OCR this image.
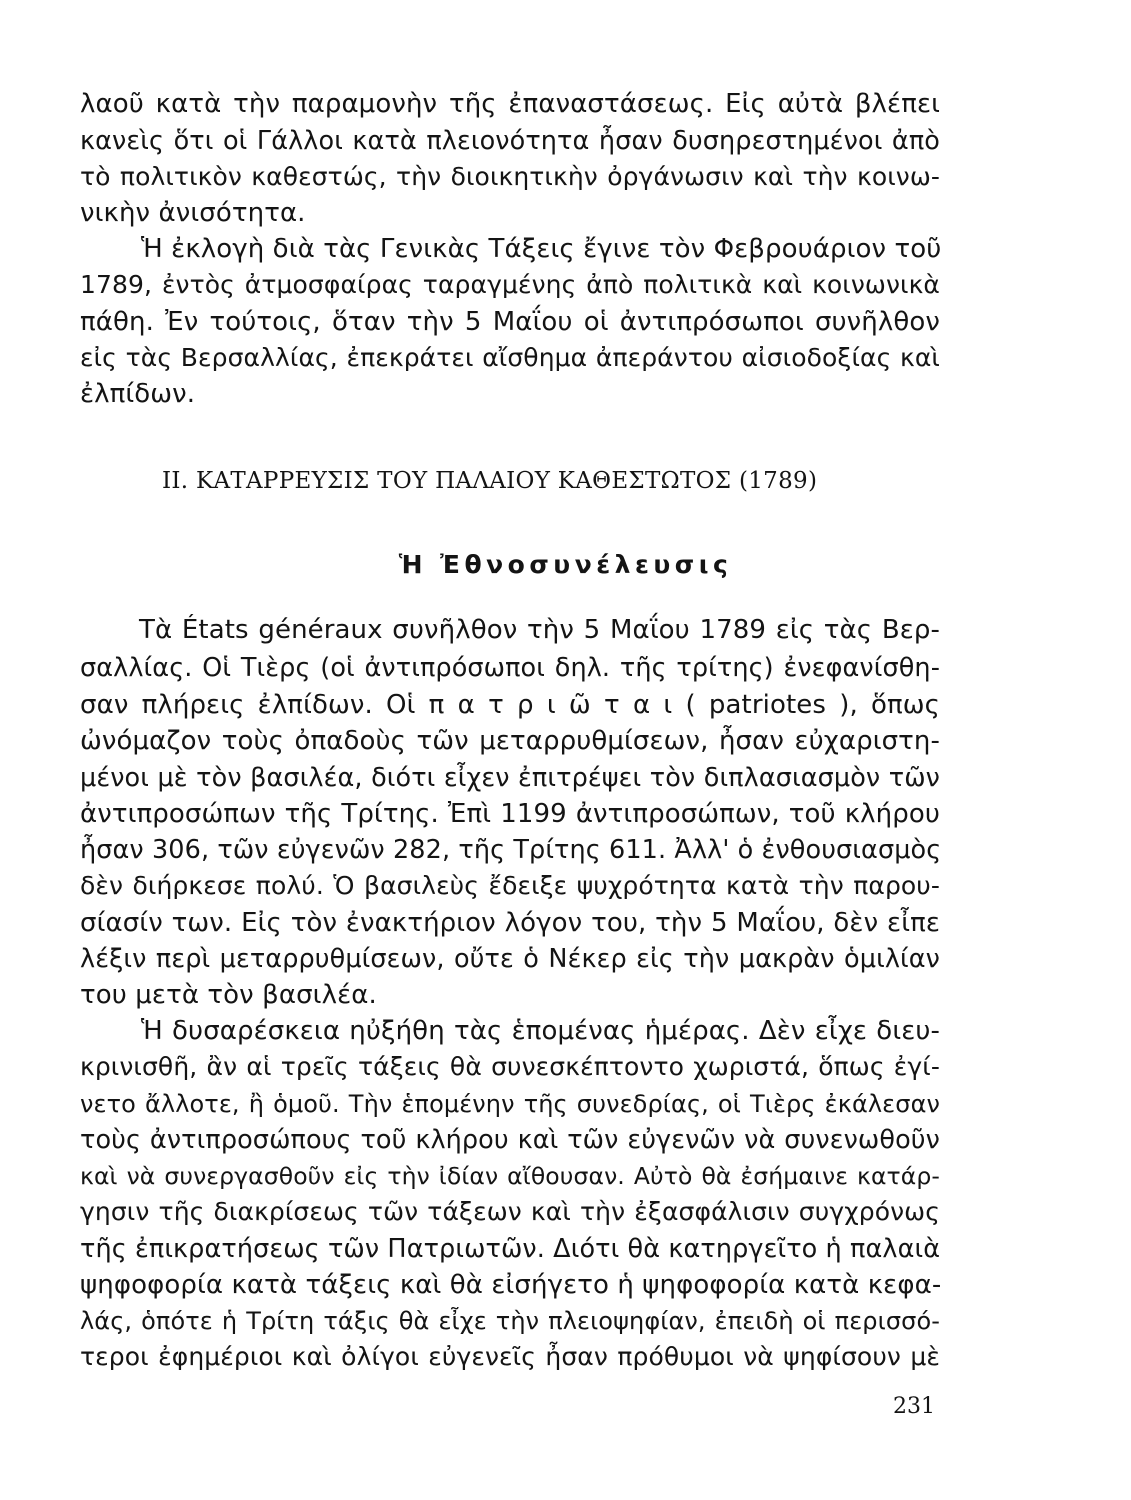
λαοῦ κατὰ τὴν παραμονὴν τῆς ἐπαναστάσεως. Εἰς αὐτὰ βλέπει
κανεὶς ὅτι οἱ Γάλλοι κατὰ πλειονότητα ἦσαν δυσηρεστημένοι ἀπὸ
τὸ πολιτικὸν καθεστώς, τὴν διοικητικὴν ὀργάνωσιν καὶ τὴν κοινω-
νικὴν ἀνισότητα.
Ἡ ἐκλογὴ διὰ τὰς Γενικὰς Τάξεις ἔγινε τὸν Φεβρουάριον τοῦ
1789, ἐντὸς ἀτμοσφαίρας ταραγμένης ἀπὸ πολιτικὰ καὶ κοινωνικὰ
πάθη. Ἐν τούτοις, ὅταν τὴν 5 Μαΐου οἱ ἀντιπρόσωποι συνῆλθον
εἰς τὰς Βερσαλλίας, ἐπεκράτει αἴσθημα ἀπεράντου αἰσιοδοξίας καὶ
ἐλπίδων.
II. ΚΑΤΑΡΡΕΥΣΙΣ ΤΟΥ ΠΑΛΑΙΟΥ ΚΑΘΕΣΤΩΤΟΣ (1789)
Ἡ Ἐθνοσυνέλευσις
Τὰ États généraux συνῆλθον τὴν 5 Μαΐου 1789 εἰς τὰς Βερ-
σαλλίας. Οἱ Τιὲρς (οἱ ἀντιπρόσωποι δηλ. τῆς τρίτης) ἐνεφανίσθη-
σαν πλήρεις ἐλπίδων. Οἱ π α τ ρ ι ῶ τ α ι ( patriotes ), ὅπως
ὠνόμαζον τοὺς ὀπαδοὺς τῶν μεταρρυθμίσεων, ἦσαν εὐχαριστη-
μένοι μὲ τὸν βασιλέα, διότι εἶχεν ἐπιτρέψει τὸν διπλασιασμὸν τῶν
ἀντιπροσώπων τῆς Τρίτης. Ἐπὶ 1199 ἀντιπροσώπων, τοῦ κλήρου
ἦσαν 306, τῶν εὐγενῶν 282, τῆς Τρίτης 611. Ἀλλ' ὁ ἐνθουσιασμὸς
δὲν διήρκεσε πολύ. Ὁ βασιλεὺς ἔδειξε ψυχρότητα κατὰ τὴν παρου-
σίασίν των. Εἰς τὸν ἐνακτήριον λόγον του, τὴν 5 Μαΐου, δὲν εἶπε
λέξιν περὶ μεταρρυθμίσεων, οὔτε ὁ Νέκερ εἰς τὴν μακρὰν ὁμιλίαν
του μετὰ τὸν βασιλέα.
Ἡ δυσαρέσκεια ηὐξήθη τὰς ἑπομένας ἡμέρας. Δὲν εἶχε διευ-
κρινισθῆ, ἂν αἱ τρεῖς τάξεις θὰ συνεσκέπτοντο χωριστά, ὅπως ἐγί-
νετο ἄλλοτε, ἢ ὁμοῦ. Τὴν ἑπομένην τῆς συνεδρίας, οἱ Τιὲρς ἐκάλεσαν
τοὺς ἀντιπροσώπους τοῦ κλήρου καὶ τῶν εὐγενῶν νὰ συνενωθοῦν
καὶ νὰ συνεργασθοῦν εἰς τὴν ἰδίαν αἴθουσαν. Αὐτὸ θὰ ἐσήμαινε κατάρ-
γησιν τῆς διακρίσεως τῶν τάξεων καὶ τὴν ἐξασφάλισιν συγχρόνως
τῆς ἐπικρατήσεως τῶν Πατριωτῶν. Διότι θὰ κατηργεῖτο ἡ παλαιὰ
ψηφοφορία κατὰ τάξεις καὶ θὰ εἰσήγετο ἡ ψηφοφορία κατὰ κεφα-
λάς, ὁπότε ἡ Τρίτη τάξις θὰ εἶχε τὴν πλειοψηφίαν, ἐπειδὴ οἱ περισσό-
τεροι ἐφημέριοι καὶ ὀλίγοι εὐγενεῖς ἦσαν πρόθυμοι νὰ ψηφίσουν μὲ
231
